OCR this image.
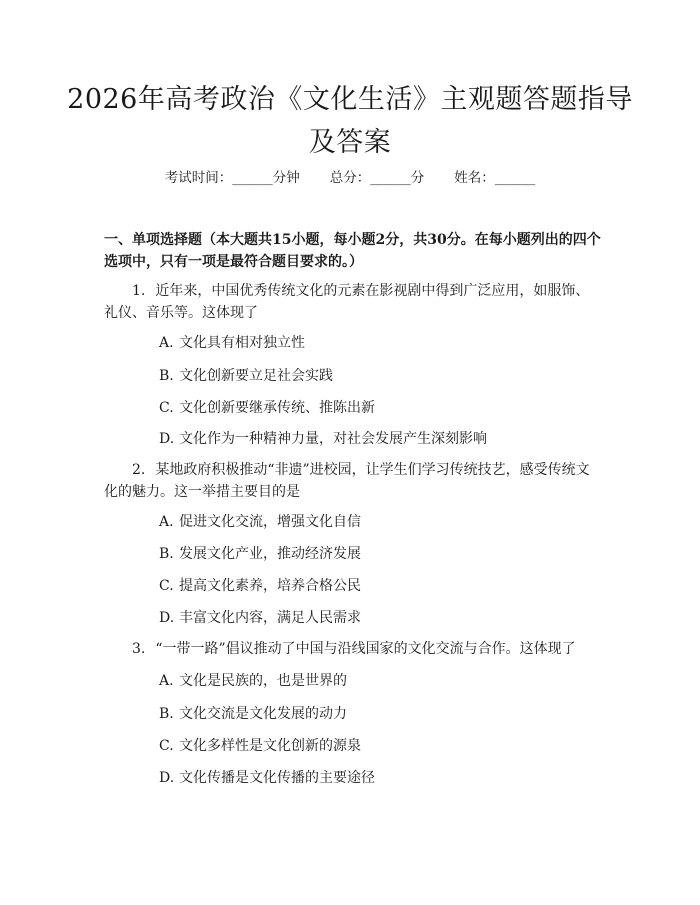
2026年高考政治《文化生活》主观题答题指导及答案
考试时间：______分钟 总分：______分 姓名：______
一、单项选择题（本大题共15小题，每小题2分，共30分。在每小题列出的四个选项中，只有一项是最符合题目要求的。）
1. 近年来，中国优秀传统文化的元素在影视剧中得到广泛应用，如服饰、礼仪、音乐等。这体现了
A. 文化具有相对独立性
B. 文化创新要立足社会实践
C. 文化创新要继承传统、推陈出新
D. 文化作为一种精神力量，对社会发展产生深刻影响
2. 某地政府积极推动“非遗”进校园，让学生们学习传统技艺，感受传统文化的魅力。这一举措主要目的是
A. 促进文化交流，增强文化自信
B. 发展文化产业，推动经济发展
C. 提高文化素养，培养合格公民
D. 丰富文化内容，满足人民需求
3. “一带一路”倡议推动了中国与沿线国家的文化交流与合作。这体现了
A. 文化是民族的，也是世界的
B. 文化交流是文化发展的动力
C. 文化多样性是文化创新的源泉
D. 文化传播是文化传播的主要途径
